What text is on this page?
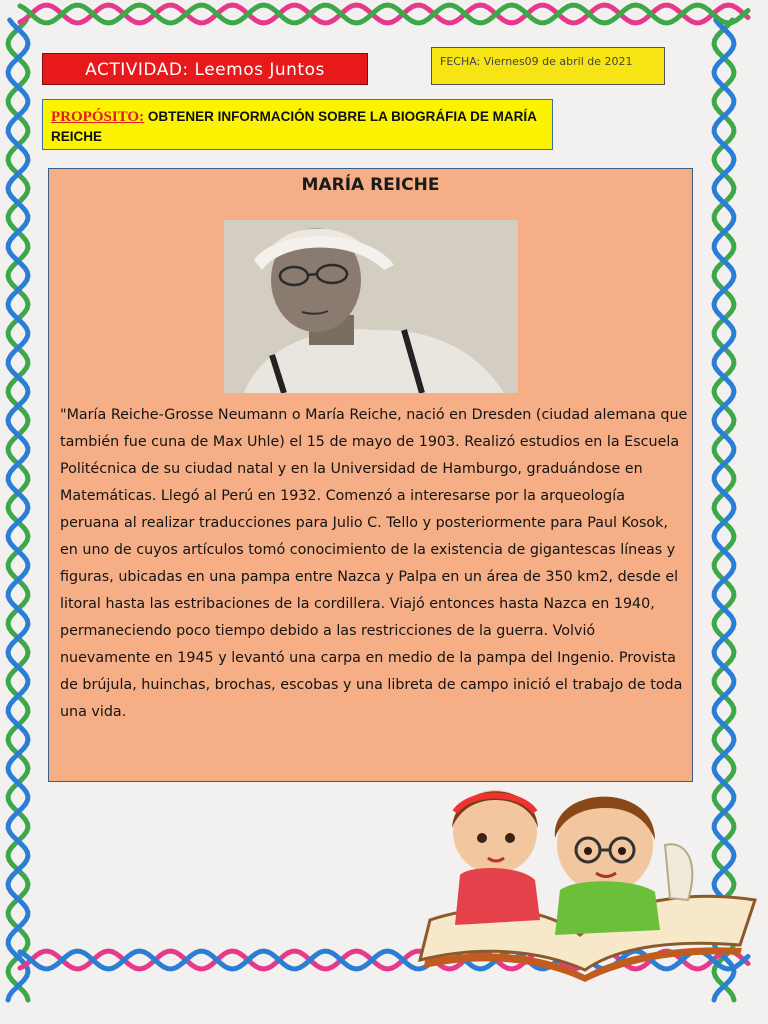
ACTIVIDAD: Leemos Juntos	FECHA: Viernes09 de abril de 2021
PROPÓSITO: OBTENER INFORMACIÓN SOBRE LA BIOGRÁFIA DE MARÍA REICHE
MARÍA REICHE

"María Reiche-Grosse Neumann o María Reiche, nació en Dresden (ciudad alemana que también fue cuna de Max Uhle) el 15 de mayo de 1903. Realizó estudios en la Escuela Politécnica de su ciudad natal y en la Universidad de Hamburgo, graduándose en Matemáticas. Llegó al Perú en 1932. Comenzó a interesarse por la arqueología peruana al realizar traducciones para Julio C. Tello y posteriormente para Paul Kosok, en uno de cuyos artículos tomó conocimiento de la existencia de gigantescas líneas y figuras, ubicadas en una pampa entre Nazca y Palpa en un área de 350 km2, desde el litoral hasta las estribaciones de la cordillera. Viajó entonces hasta Nazca en 1940, permaneciendo poco tiempo debido a las restricciones de la guerra. Volvió nuevamente en 1945 y levantó una carpa en medio de la pampa del Ingenio. Provista de brújula, huinchas, brochas, escobas y una libreta de campo inició el trabajo de toda una vida.
